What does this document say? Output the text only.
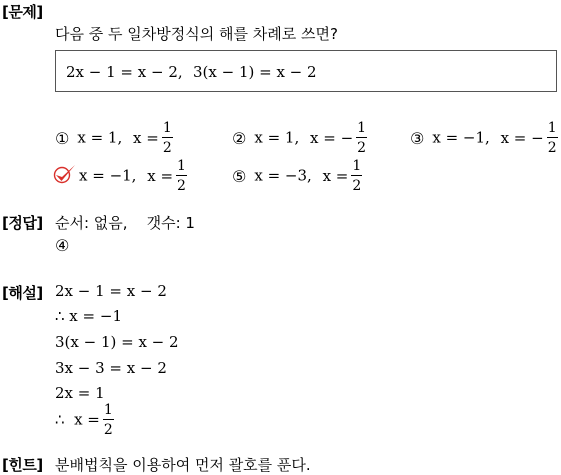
[문제]
다음 중 두 일차방정식의 해를 차례로 쓰면?
2x − 1 = x − 2, 3(x − 1) = x − 2
① x = 1, $x = \frac{1}{2}$	② x = 1, x = − $\frac{1}{2}$	③ x = −1, x = − $\frac{1}{2}$
x = −1, $x = \frac{1}{2}$	⑤ x = −3, $x = \frac{1}{2}$
[정답] 순서: 없음,    갯수: 1
④
[해설] 2x − 1 = x − 2
∴ x = −1
3(x − 1) = x − 2
3x − 3 = x − 2
2x = 1
∴  $x = \frac{1}{2}$
[힌트] 분배법칙을 이용하여 먼저 괄호를 푼다.
